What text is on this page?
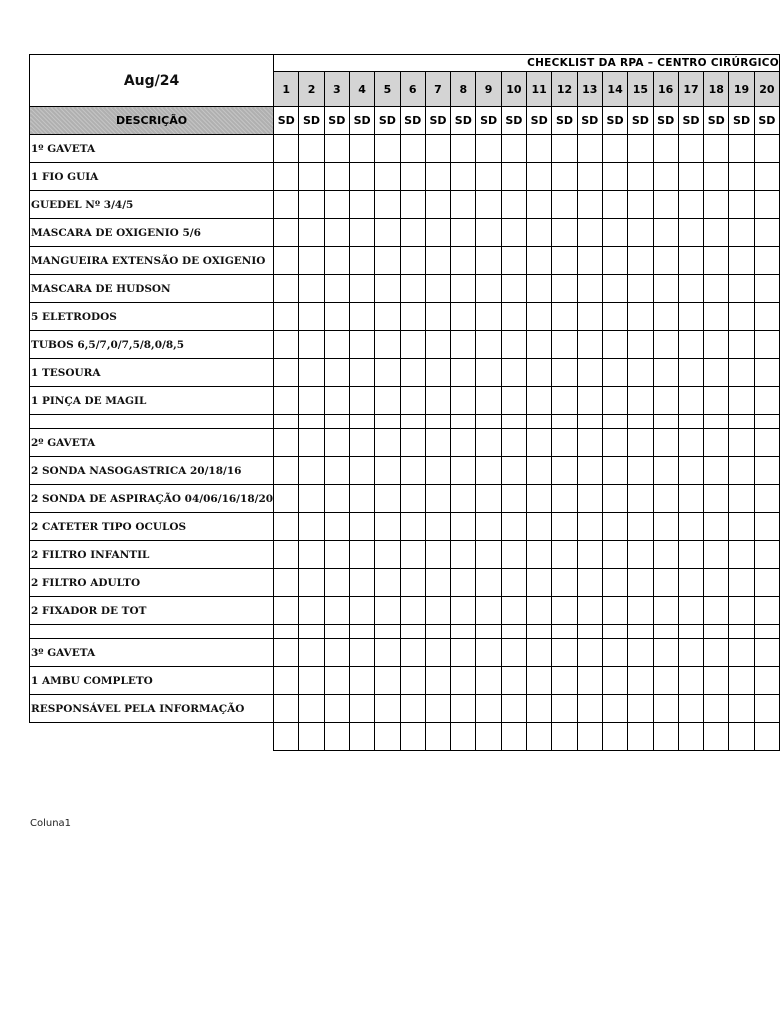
Aug/24	CHECKLIST DA RPA – CENTRO CIRÚRGICO																			
	1	2	3	4	5	6	7	8	9	10	11	12	13	14	15	16	17	18	19	20
DESCRIÇÃO	SD	SD	SD	SD	SD	SD	SD	SD	SD	SD	SD	SD	SD	SD	SD	SD	SD	SD	SD	SD
1º GAVETA																				
1 FIO GUIA																				
GUEDEL Nº 3/4/5																				
MASCARA DE OXIGENIO 5/6																				
MANGUEIRA EXTENSÃO DE OXIGENIO																				
MASCARA DE HUDSON																				
5 ELETRODOS																				
TUBOS 6,5/7,0/7,5/8,0/8,5																				
1 TESOURA																				
1 PINÇA DE MAGIL																				

2º GAVETA																				
2 SONDA NASOGASTRICA 20/18/16																				
2 SONDA DE ASPIRAÇÃO 04/06/16/18/20																				
2 CATETER TIPO OCULOS																				
2 FILTRO INFANTIL																				
2 FILTRO ADULTO																				
2 FIXADOR DE TOT																				

3º GAVETA																				
1 AMBU COMPLETO																				
RESPONSÁVEL PELA INFORMAÇÃO																				

Coluna1
